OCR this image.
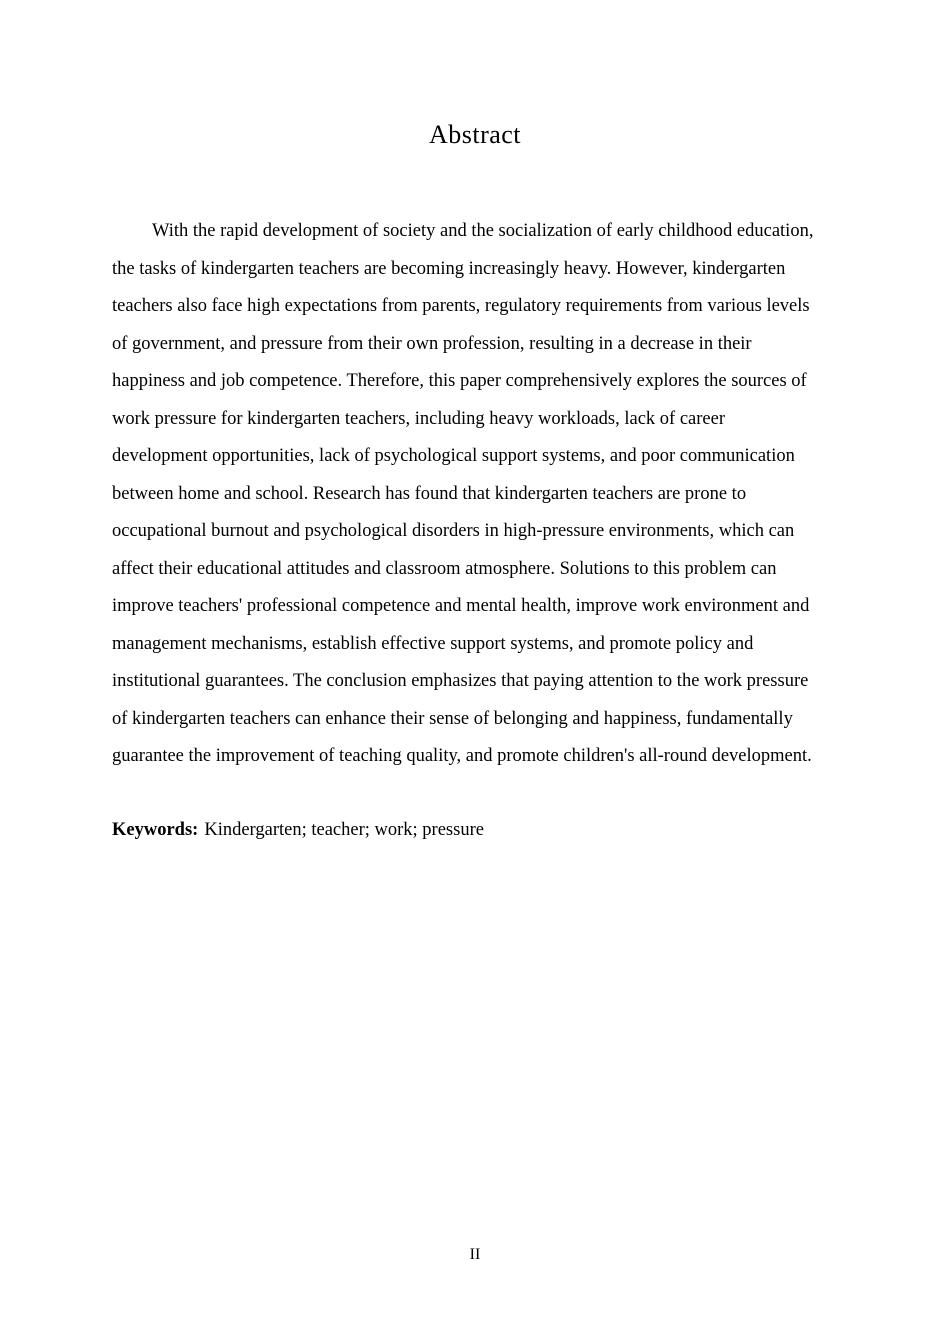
Abstract
With the rapid development of society and the socialization of early childhood education,
the tasks of kindergarten teachers are becoming increasingly heavy. However, kindergarten
teachers also face high expectations from parents, regulatory requirements from various levels
of government, and pressure from their own profession, resulting in a decrease in their
happiness and job competence. Therefore, this paper comprehensively explores the sources of
work pressure for kindergarten teachers, including heavy workloads, lack of career
development opportunities, lack of psychological support systems, and poor communication
between home and school. Research has found that kindergarten teachers are prone to
occupational burnout and psychological disorders in high-pressure environments, which can
affect their educational attitudes and classroom atmosphere. Solutions to this problem can
improve teachers' professional competence and mental health, improve work environment and
management mechanisms, establish effective support systems, and promote policy and
institutional guarantees. The conclusion emphasizes that paying attention to the work pressure
of kindergarten teachers can enhance their sense of belonging and happiness, fundamentally
guarantee the improvement of teaching quality, and promote children's all-round development.
Keywords: Kindergarten; teacher; work; pressure
II
